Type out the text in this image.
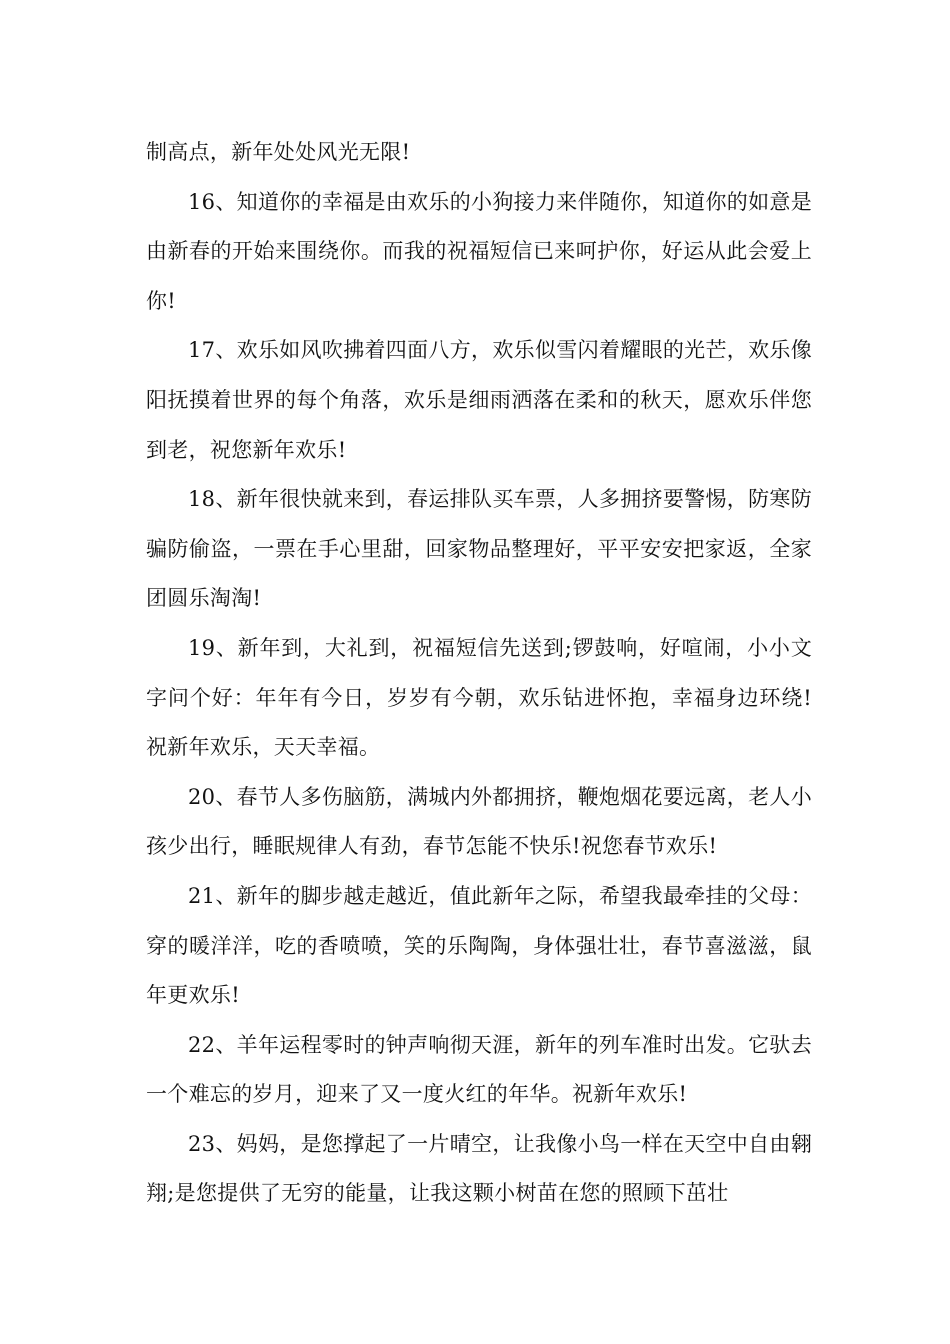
制高点，新年处处风光无限!

16、知道你的幸福是由欢乐的小狗接力来伴随你，知道你的如意是由新春的开始来围绕你。而我的祝福短信已来呵护你，好运从此会爱上你!

17、欢乐如风吹拂着四面八方，欢乐似雪闪着耀眼的光芒，欢乐像阳抚摸着世界的每个角落，欢乐是细雨洒落在柔和的秋天，愿欢乐伴您到老，祝您新年欢乐!

18、新年很快就来到，春运排队买车票，人多拥挤要警惕，防寒防骗防偷盗，一票在手心里甜，回家物品整理好，平平安安把家返，全家团圆乐淘淘!

19、新年到，大礼到，祝福短信先送到;锣鼓响，好喧闹，小小文字问个好：年年有今日，岁岁有今朝，欢乐钻进怀抱，幸福身边环绕!祝新年欢乐，天天幸福。

20、春节人多伤脑筋，满城内外都拥挤，鞭炮烟花要远离，老人小孩少出行，睡眠规律人有劲，春节怎能不快乐!祝您春节欢乐!

21、新年的脚步越走越近，值此新年之际，希望我最牵挂的父母：穿的暖洋洋，吃的香喷喷，笑的乐陶陶，身体强壮壮，春节喜滋滋，鼠年更欢乐!

22、羊年运程零时的钟声响彻天涯，新年的列车准时出发。它驮去一个难忘的岁月，迎来了又一度火红的年华。祝新年欢乐!

23、妈妈，是您撑起了一片晴空，让我像小鸟一样在天空中自由翱翔;是您提供了无穷的能量，让我这颗小树苗在您的照顾下茁壮
